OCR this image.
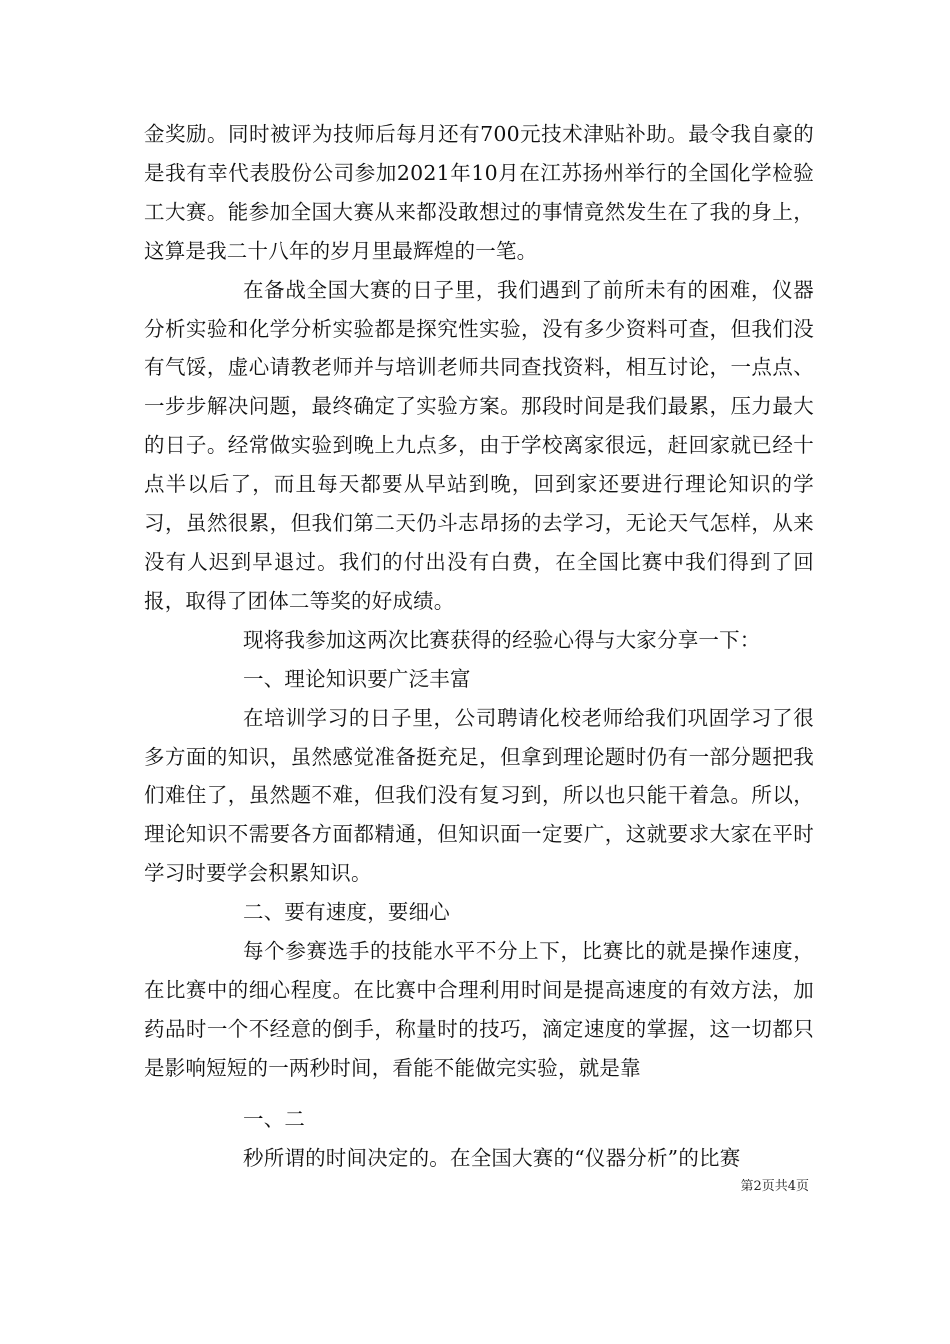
金奖励。同时被评为技师后每月还有700元技术津贴补助。最令我自豪的是我有幸代表股份公司参加2021年10月在江苏扬州举行的全国化学检验工大赛。能参加全国大赛从来都没敢想过的事情竟然发生在了我的身上，这算是我二十八年的岁月里最辉煌的一笔。

在备战全国大赛的日子里，我们遇到了前所未有的困难，仪器分析实验和化学分析实验都是探究性实验，没有多少资料可查，但我们没有气馁，虚心请教老师并与培训老师共同查找资料，相互讨论，一点点、一步步解决问题，最终确定了实验方案。那段时间是我们最累，压力最大的日子。经常做实验到晚上九点多，由于学校离家很远，赶回家就已经十点半以后了，而且每天都要从早站到晚，回到家还要进行理论知识的学习，虽然很累，但我们第二天仍斗志昂扬的去学习，无论天气怎样，从来没有人迟到早退过。我们的付出没有白费，在全国比赛中我们得到了回报，取得了团体二等奖的好成绩。

现将我参加这两次比赛获得的经验心得与大家分享一下：

一、理论知识要广泛丰富

在培训学习的日子里，公司聘请化校老师给我们巩固学习了很多方面的知识，虽然感觉准备挺充足，但拿到理论题时仍有一部分题把我们难住了，虽然题不难，但我们没有复习到，所以也只能干着急。所以，理论知识不需要各方面都精通，但知识面一定要广，这就要求大家在平时学习时要学会积累知识。

二、要有速度，要细心

每个参赛选手的技能水平不分上下，比赛比的就是操作速度，在比赛中的细心程度。在比赛中合理利用时间是提高速度的有效方法，加药品时一个不经意的倒手，称量时的技巧，滴定速度的掌握，这一切都只是影响短短的一两秒时间，看能不能做完实验，就是靠

一、二

秒所谓的时间决定的。在全国大赛的“仪器分析”的比赛

第2页共4页
